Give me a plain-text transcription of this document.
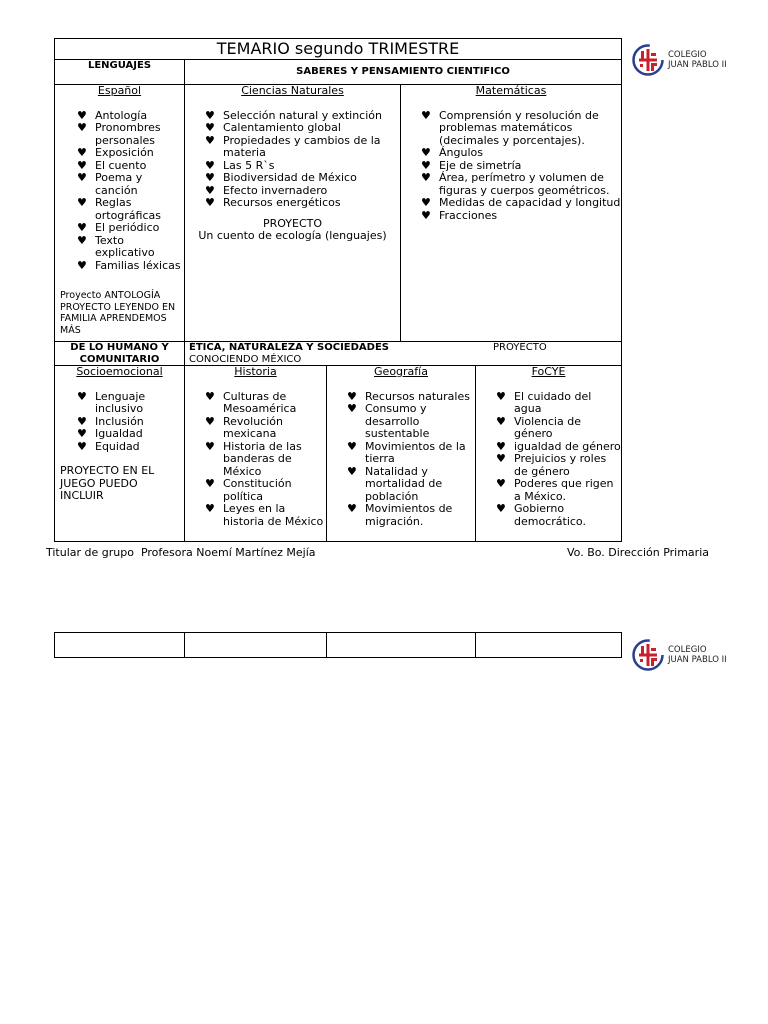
TEMARIO segundo TRIMESTRE
LENGUAJES
SABERES Y PENSAMIENTO CIENTIFICO
Español
♥ Antología
♥ Pronombres personales
♥ Exposición
♥ El cuento
♥ Poema y canción
♥ Reglas ortográficas
♥ El periódico
♥ Texto explicativo
♥ Familias léxicas
Proyecto ANTOLOGÍA PROYECTO LEYENDO EN FAMILIA APRENDEMOS MÁS
Ciencias Naturales
♥ Selección natural y extinción
♥ Calentamiento global
♥ Propiedades y cambios de la materia
♥ Las 5 R`s
♥ Biodiversidad de México
♥ Efecto invernadero
♥ Recursos energéticos
PROYECTO
Un cuento de ecología (lenguajes)
Matemáticas
♥ Comprensión y resolución de problemas matemáticos (decimales y porcentajes).
♥ Ángulos
♥ Eje de simetría
♥ Área, perímetro y volumen de figuras y cuerpos geométricos.
♥ Medidas de capacidad y longitud
♥ Fracciones
DE LO HUMANO Y COMUNITARIO
ÉTICA, NATURALEZA Y SOCIEDADES	PROYECTO
CONOCIENDO MÉXICO
Socioemocional
♥ Lenguaje inclusivo
♥ Inclusión
♥ Igualdad
♥ Equidad
PROYECTO EN EL JUEGO PUEDO INCLUIR
Historia
♥ Culturas de Mesoamérica
♥ Revolución mexicana
♥ Historia de las banderas de México
♥ Constitución política
♥ Leyes en la historia de México
Geografía
♥ Recursos naturales
♥ Consumo y desarrollo sustentable
♥ Movimientos de la tierra
♥ Natalidad y mortalidad de población
♥ Movimientos de migración.
FoCYE
♥ El cuidado del agua
♥ Violencia de género
♥ igualdad de género
♥ Prejuicios y roles de género
♥ Poderes que rigen a México.
♥ Gobierno democrático.
Titular de grupo  Profesora Noemí Martínez Mejía	Vo. Bo. Dirección Primaria
COLEGIO
JUAN PABLO II
COLEGIO
JUAN PABLO II
